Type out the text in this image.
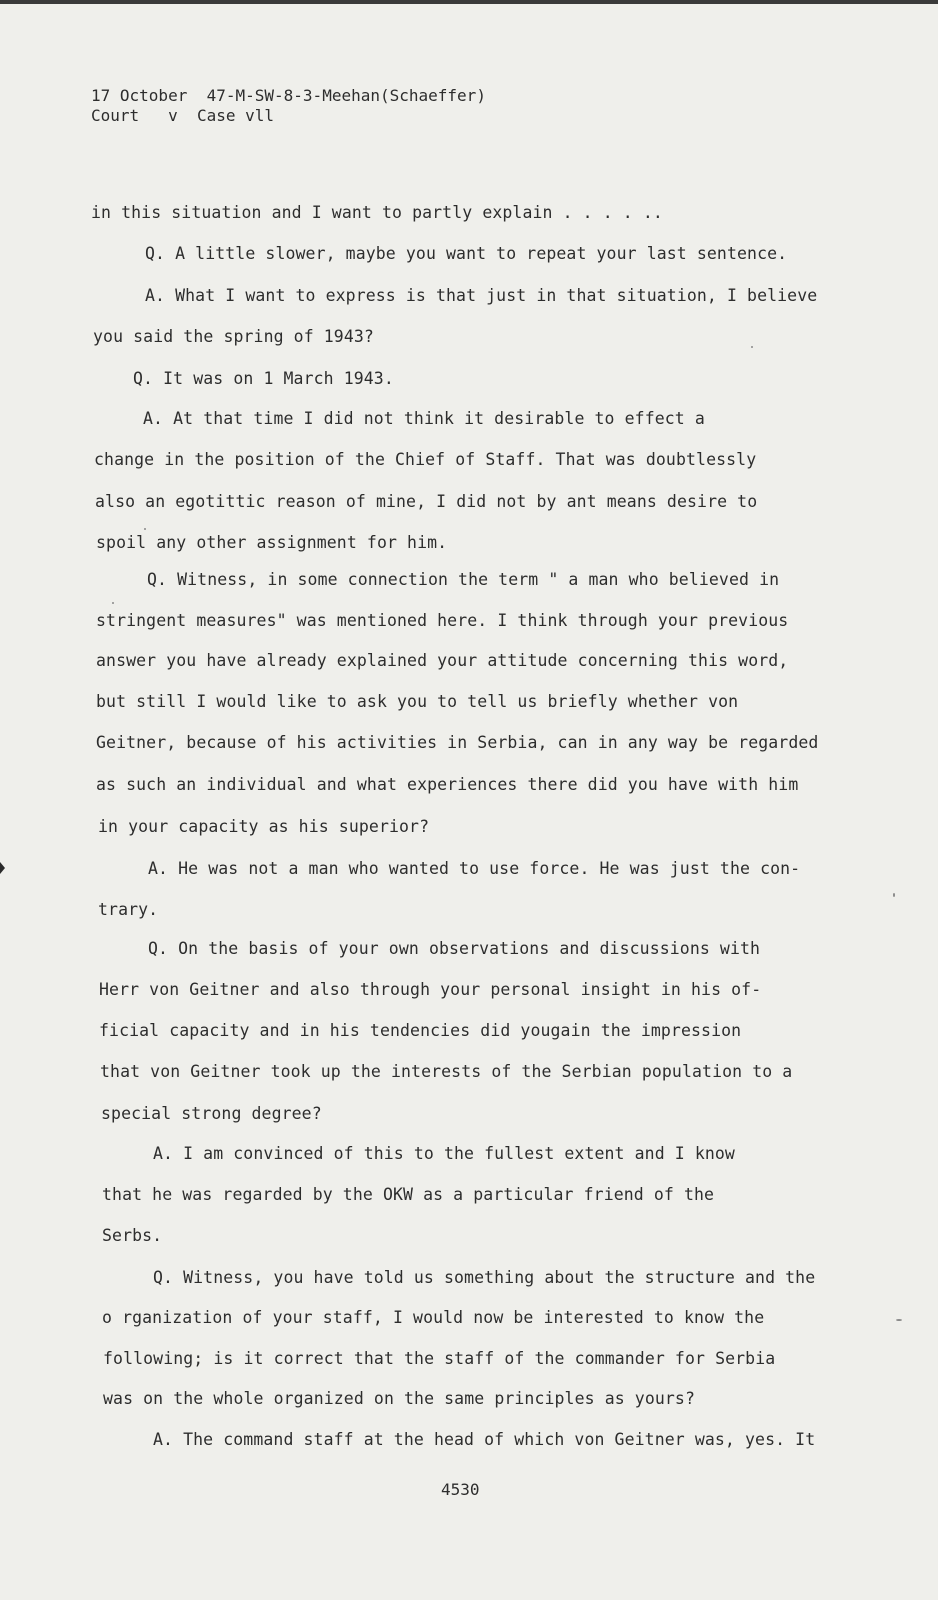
17 October  47-M-SW-8-3-Meehan(Schaeffer)
Court   v  Case vll
in this situation and I want to partly explain . . . . ..
Q. A little slower, maybe you want to repeat your last sentence.
A. What I want to express is that just in that situation, I believe
you said the spring of 1943?
Q. It was on 1 March 1943.
A. At that time I did not think it desirable to effect a
change in the position of the Chief of Staff. That was doubtlessly
also an egotittic reason of mine, I did not by ant means desire to
spoil any other assignment for him.
Q. Witness, in some connection the term " a man who believed in
stringent measures" was mentioned here. I think through your previous
answer you have already explained your attitude concerning this word,
but still I would like to ask you to tell us briefly whether von
Geitner, because of his activities in Serbia, can in any way be regarded
as such an individual and what experiences there did you have with him
in your capacity as his superior?
A. He was not a man who wanted to use force. He was just the con-
trary.
Q. On the basis of your own observations and discussions with
Herr von Geitner and also through your personal insight in his of-
ficial capacity and in his tendencies did yougain the impression
that von Geitner took up the interests of the Serbian population to a
special strong degree?
A. I am convinced of this to the fullest extent and I know
that he was regarded by the OKW as a particular friend of the
Serbs.
Q. Witness, you have told us something about the structure and the
o rganization of your staff, I would now be interested to know the
following; is it correct that the staff of the commander for Serbia
was on the whole organized on the same principles as yours?
A. The command staff at the head of which von Geitner was, yes. It
4530
